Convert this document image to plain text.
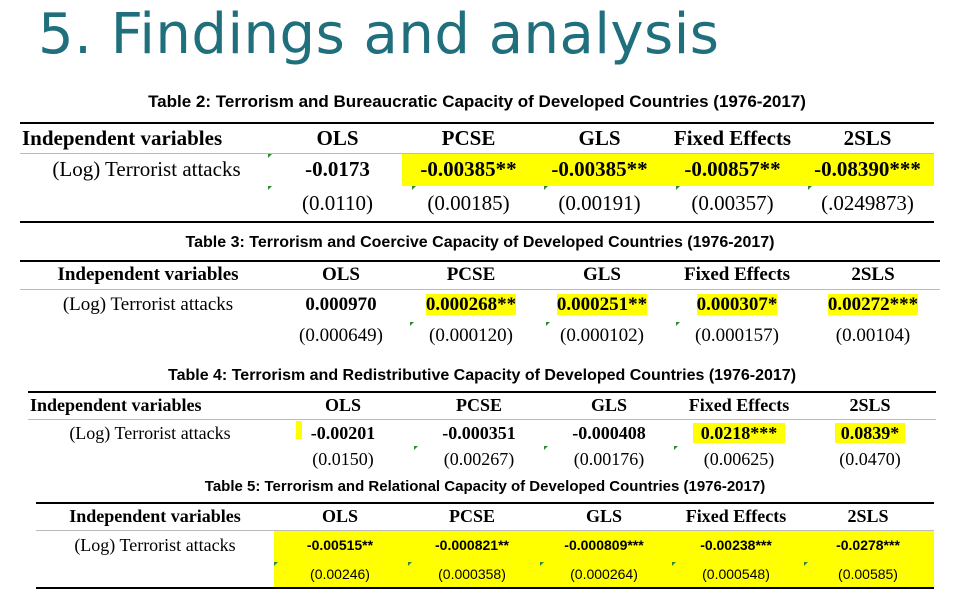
5. Findings and analysis
Table 2: Terrorism and Bureaucratic Capacity of Developed Countries (1976-2017)
Independent variables	OLS	PCSE	GLS	Fixed Effects	2SLS
(Log) Terrorist attacks	-0.0173	-0.00385**	-0.00385**	-0.00857**	-0.08390***
	(0.0110)	(0.00185)	(0.00191)	(0.00357)	(.0249873)
Table 3: Terrorism and Coercive Capacity of Developed Countries (1976-2017)
Independent variables	OLS	PCSE	GLS	Fixed Effects	2SLS
(Log) Terrorist attacks	0.000970	0.000268**	0.000251**	0.000307*	0.00272***
	(0.000649)	(0.000120)	(0.000102)	(0.000157)	(0.00104)
Table 4: Terrorism and Redistributive Capacity of Developed Countries (1976-2017)
Independent variables	OLS	PCSE	GLS	Fixed Effects	2SLS
(Log) Terrorist attacks	-0.00201	-0.000351	-0.000408	0.0218***	0.0839*
	(0.0150)	(0.00267)	(0.00176)	(0.00625)	(0.0470)
Table 5: Terrorism and Relational Capacity of Developed Countries (1976-2017)
Independent variables	OLS	PCSE	GLS	Fixed Effects	2SLS
(Log) Terrorist attacks	-0.00515**	-0.000821**	-0.000809***	-0.00238***	-0.0278***
	(0.00246)	(0.000358)	(0.000264)	(0.000548)	(0.00585)
